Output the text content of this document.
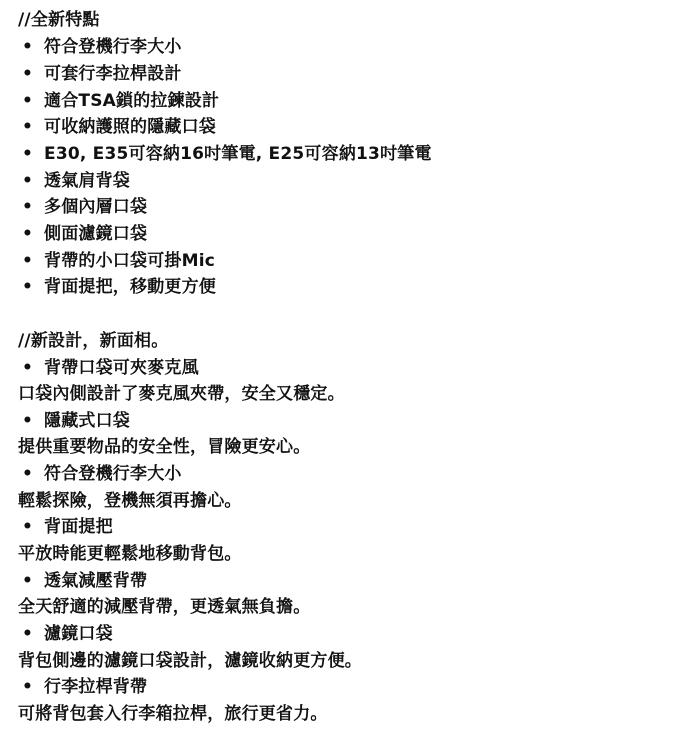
//全新特點
• 符合登機行李大小
• 可套行李拉桿設計
• 適合TSA鎖的拉鍊設計
• 可收納護照的隱藏口袋
• E30, E35可容納16吋筆電, E25可容納13吋筆電
• 透氣肩背袋
• 多個內層口袋
• 側面濾鏡口袋
• 背帶的小口袋可掛Mic
• 背面提把，移動更方便
//新設計，新面相。
• 背帶口袋可夾麥克風
口袋內側設計了麥克風夾帶，安全又穩定。
• 隱藏式口袋
提供重要物品的安全性，冒險更安心。
• 符合登機行李大小
輕鬆探險，登機無須再擔心。
• 背面提把
平放時能更輕鬆地移動背包。
• 透氣減壓背帶
全天舒適的減壓背帶，更透氣無負擔。
• 濾鏡口袋
背包側邊的濾鏡口袋設計，濾鏡收納更方便。
• 行李拉桿背帶
可將背包套入行李箱拉桿，旅行更省力。
